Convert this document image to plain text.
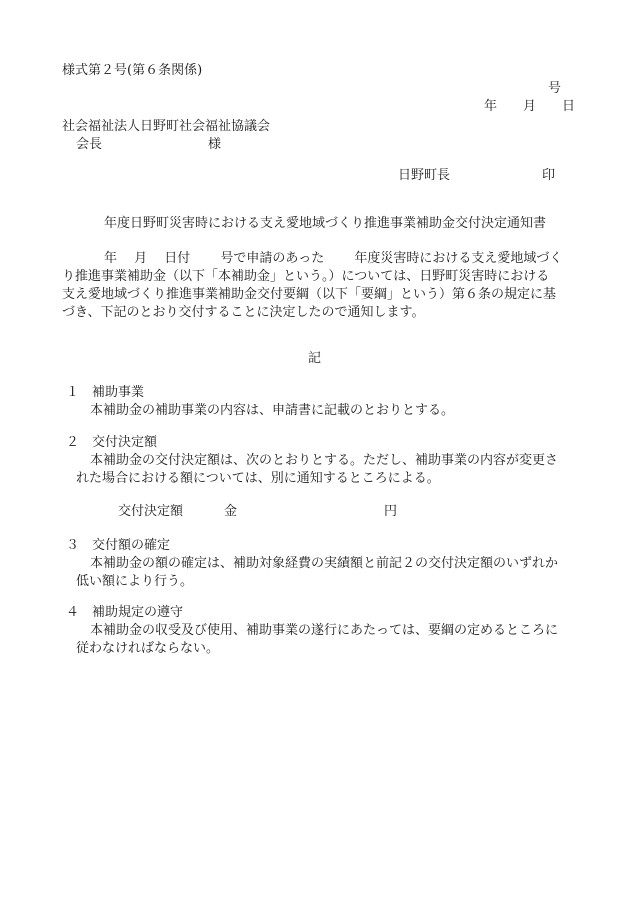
様式第２号(第６条関係)

号

年　　月　　日

社会福祉法人日野町社会福祉協議会

会長	様

日野町長	印

年度日野町災害時における支え愛地域づくり推進事業補助金交付決定通知書

年　 月 　日付　 　号で申請のあった　 　年度災害時における支え愛地域づく

り推進事業補助金（以下「本補助金」という。）については、日野町災害時における

支え愛地域づくり推進事業補助金交付要綱（以下「要綱」という）第６条の規定に基

づき、下記のとおり交付することに決定したので通知します。

記

１　補助事業

本補助金の補助事業の内容は、申請書に記載のとおりとする。

２　交付決定額

本補助金の交付決定額は、次のとおりとする。ただし、補助事業の内容が変更さ

れた場合における額については、別に通知するところによる。

交付決定額	金	円

３　交付額の確定

本補助金の額の確定は、補助対象経費の実績額と前記２の交付決定額のいずれか

低い額により行う。

４　補助規定の遵守

本補助金の収受及び使用、補助事業の遂行にあたっては、要綱の定めるところに

従わなければならない。
